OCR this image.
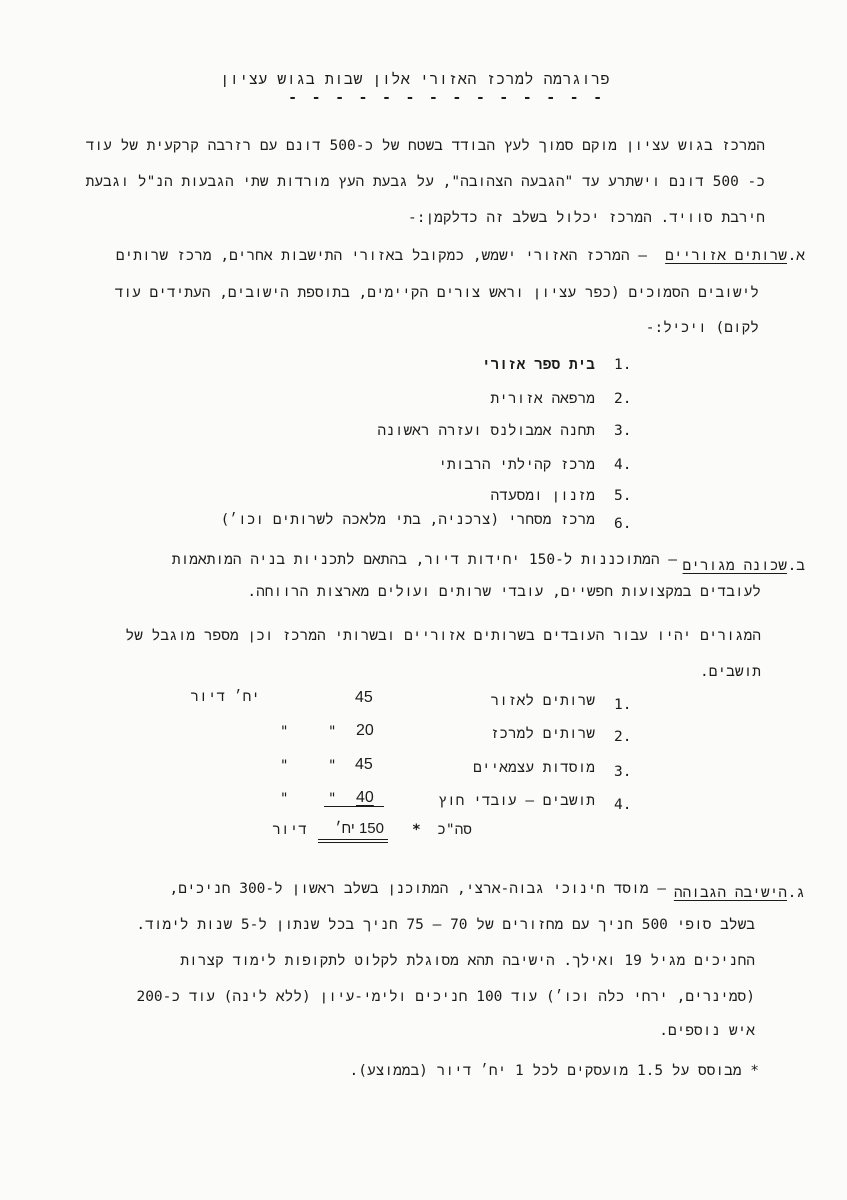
פרוגרמה למרכז האזורי אלון שבות בגוש עציון
- - - - - - - - - - - - - -
המרכז בגוש עציון מוקם סמוך לעץ הבודד בשטח של כ-500 דונם עם רזרבה קרקעית של עוד
כ- 500 דונם וישתרע עד "הגבעה הצהובה", על גבעת העץ מורדות שתי הגבעות הנ"ל וגבעת
חירבת סוויד. המרכז יכלול בשלב זה כדלקמן:-
א.
שרותים אזוריים
– המרכז האזורי ישמש, כמקובל באזורי התישבות אחרים, מרכז שרותים
לישובים הסמוכים (כפר עציון וראש צורים הקיימים, בתוספת הישובים, העתידים עוד
לקום) ויכיל:-
1.
בית ספר אזורי
2.
מרפאה אזורית
3.
תחנה אמבולנס ועזרה ראשונה
4.
מרכז קהילתי הרבותי
5.
מזנון ומסעדה
6.
מרכז מסחרי (צרכניה, בתי מלאכה לשרותים וכו׳)
ב.
שכונה מגורים
– המתוכננות ל-150 יחידות דיור, בהתאם לתכניות בניה המותאמות
לעובדים במקצועות חפשיים, עובדי שרותים ועולים מארצות הרווחה.
המגורים יהיו עבור העובדים בשרותים אזוריים ובשרותי המרכז וכן מספר מוגבל של
תושבים.
1.
שרותים לאזור
45
יח׳ דיור
2.
שרותים למרכז
20
"
"
3.
מוסדות עצמאיים
45
"
"
4.
תושבים – עובדי חוץ
40
"
"
סה"כ
*
150 יח׳
דיור
ג.
הישיבה הגבוהה
– מוסד חינוכי גבוה-ארצי, המתוכנן בשלב ראשון ל-300 חניכים,
בשלב סופי 500 חניך עם מחזורים של 70 – 75 חניך בכל שנתון ל-5 שנות לימוד.
החניכים מגיל 19 ואילך. הישיבה תהא מסוגלת לקלוט לתקופות לימוד קצרות
(סמינרים, ירחי כלה וכו׳) עוד 100 חניכים ולימי-עיון (ללא לינה) עוד כ-200
איש נוספים.
* מבוסס על 1.5 מועסקים לכל 1 יח׳ דיור (בממוצע).
